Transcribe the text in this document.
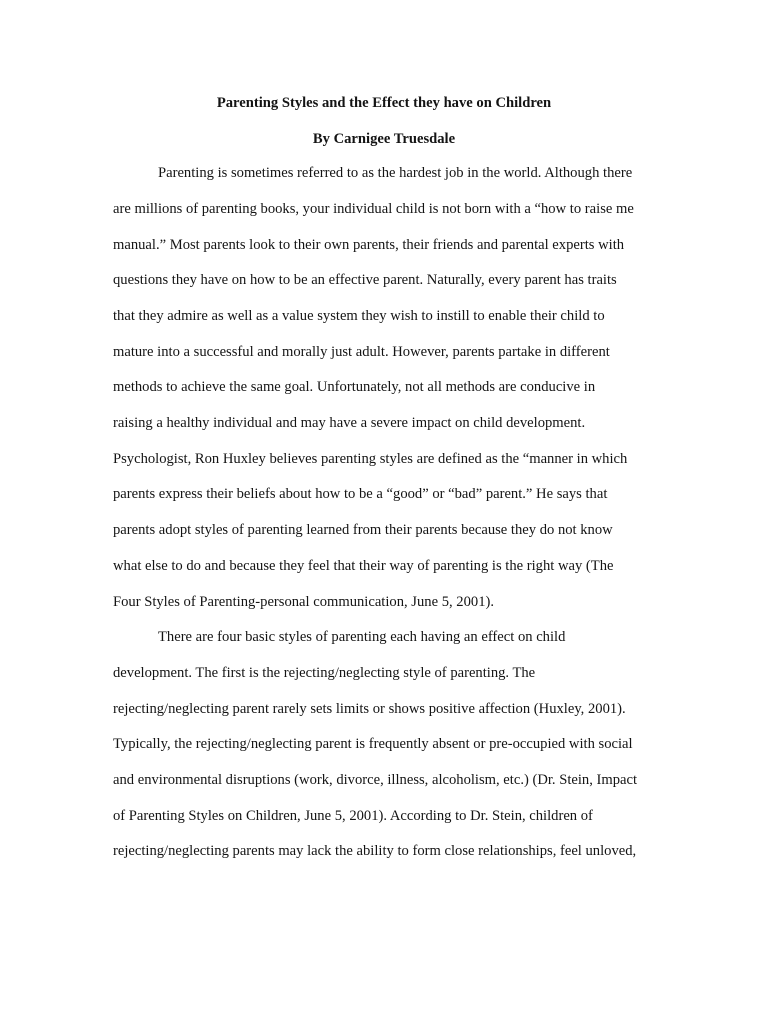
Parenting Styles and the Effect they have on Children
By Carnigee Truesdale

Parenting is sometimes referred to as the hardest job in the world. Although there

are millions of parenting books, your individual child is not born with a “how to raise me

manual.” Most parents look to their own parents, their friends and parental experts with

questions they have on how to be an effective parent. Naturally, every parent has traits

that they admire as well as a value system they wish to instill to enable their child to

mature into a successful and morally just adult. However, parents partake in different

methods to achieve the same goal. Unfortunately, not all methods are conducive in

raising a healthy individual and may have a severe impact on child development.

Psychologist, Ron Huxley believes parenting styles are defined as the “manner in which

parents express their beliefs about how to be a “good” or “bad” parent.” He says that

parents adopt styles of parenting learned from their parents because they do not know

what else to do and because they feel that their way of parenting is the right way (The

Four Styles of Parenting-personal communication, June 5, 2001).

There are four basic styles of parenting each having an effect on child

development. The first is the rejecting/neglecting style of parenting. The

rejecting/neglecting parent rarely sets limits or shows positive affection (Huxley, 2001).

Typically, the rejecting/neglecting parent is frequently absent or pre-occupied with social

and environmental disruptions (work, divorce, illness, alcoholism, etc.) (Dr. Stein, Impact

of Parenting Styles on Children, June 5, 2001). According to Dr. Stein, children of

rejecting/neglecting parents may lack the ability to form close relationships, feel unloved,
